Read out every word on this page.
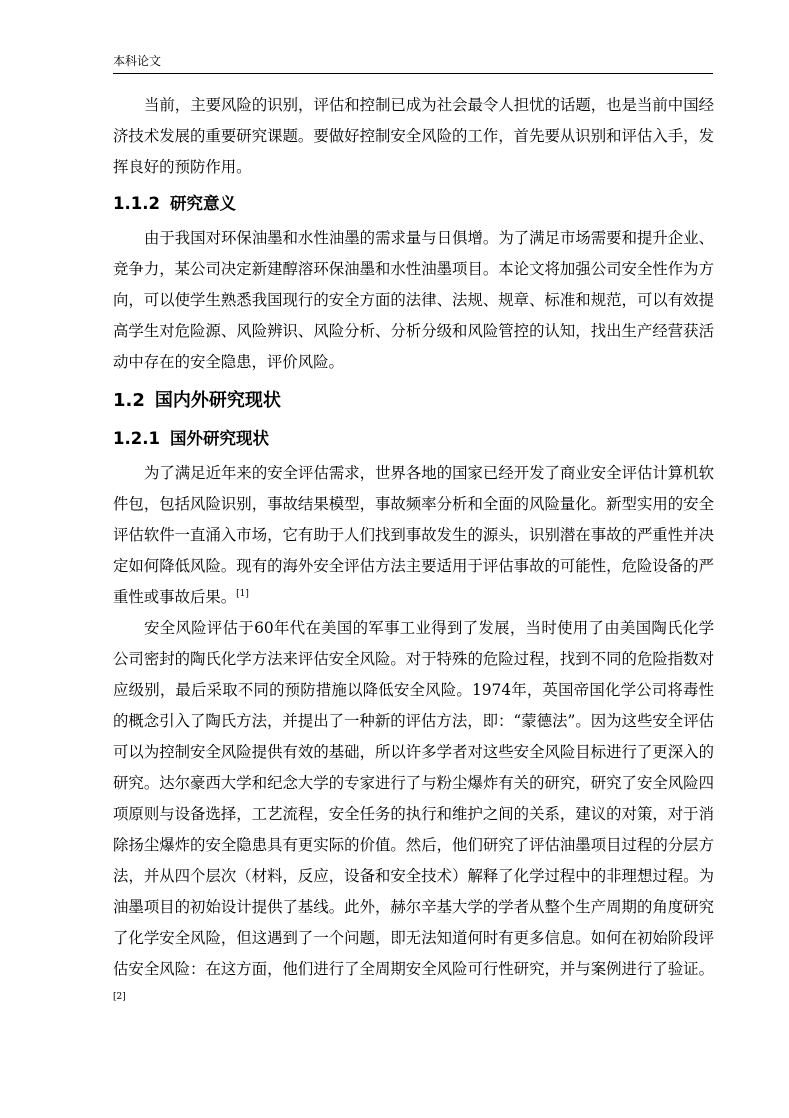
本科论文

当前，主要风险的识别，评估和控制已成为社会最令人担忧的话题，也是当前中国经济技术发展的重要研究课题。要做好控制安全风险的工作，首先要从识别和评估入手，发挥良好的预防作用。

1.1.2 研究意义

由于我国对环保油墨和水性油墨的需求量与日俱增。为了满足市场需要和提升企业、竞争力，某公司决定新建醇溶环保油墨和水性油墨项目。本论文将加强公司安全性作为方向，可以使学生熟悉我国现行的安全方面的法律、法规、规章、标准和规范，可以有效提高学生对危险源、风险辨识、风险分析、分析分级和风险管控的认知，找出生产经营获活动中存在的安全隐患，评价风险。

1.2 国内外研究现状
1.2.1 国外研究现状

为了满足近年来的安全评估需求，世界各地的国家已经开发了商业安全评估计算机软件包，包括风险识别，事故结果模型，事故频率分析和全面的风险量化。新型实用的安全评估软件一直涌入市场，它有助于人们找到事故发生的源头，识别潜在事故的严重性并决定如何降低风险。现有的海外安全评估方法主要适用于评估事故的可能性，危险设备的严重性或事故后果。[1]

安全风险评估于60年代在美国的军事工业得到了发展，当时使用了由美国陶氏化学公司密封的陶氏化学方法来评估安全风险。对于特殊的危险过程，找到不同的危险指数对应级别，最后采取不同的预防措施以降低安全风险。1974年，英国帝国化学公司将毒性的概念引入了陶氏方法，并提出了一种新的评估方法，即：“蒙德法”。因为这些安全评估可以为控制安全风险提供有效的基础，所以许多学者对这些安全风险目标进行了更深入的研究。达尔豪西大学和纪念大学的专家进行了与粉尘爆炸有关的研究，研究了安全风险四项原则与设备选择，工艺流程，安全任务的执行和维护之间的关系，建议的对策，对于消除扬尘爆炸的安全隐患具有更实际的价值。然后，他们研究了评估油墨项目过程的分层方法，并从四个层次（材料，反应，设备和安全技术）解释了化学过程中的非理想过程。为油墨项目的初始设计提供了基线。此外，赫尔辛基大学的学者从整个生产周期的角度研究了化学安全风险，但这遇到了一个问题，即无法知道何时有更多信息。如何在初始阶段评估安全风险：在这方面，他们进行了全周期安全风险可行性研究，并与案例进行了验证。[2]
